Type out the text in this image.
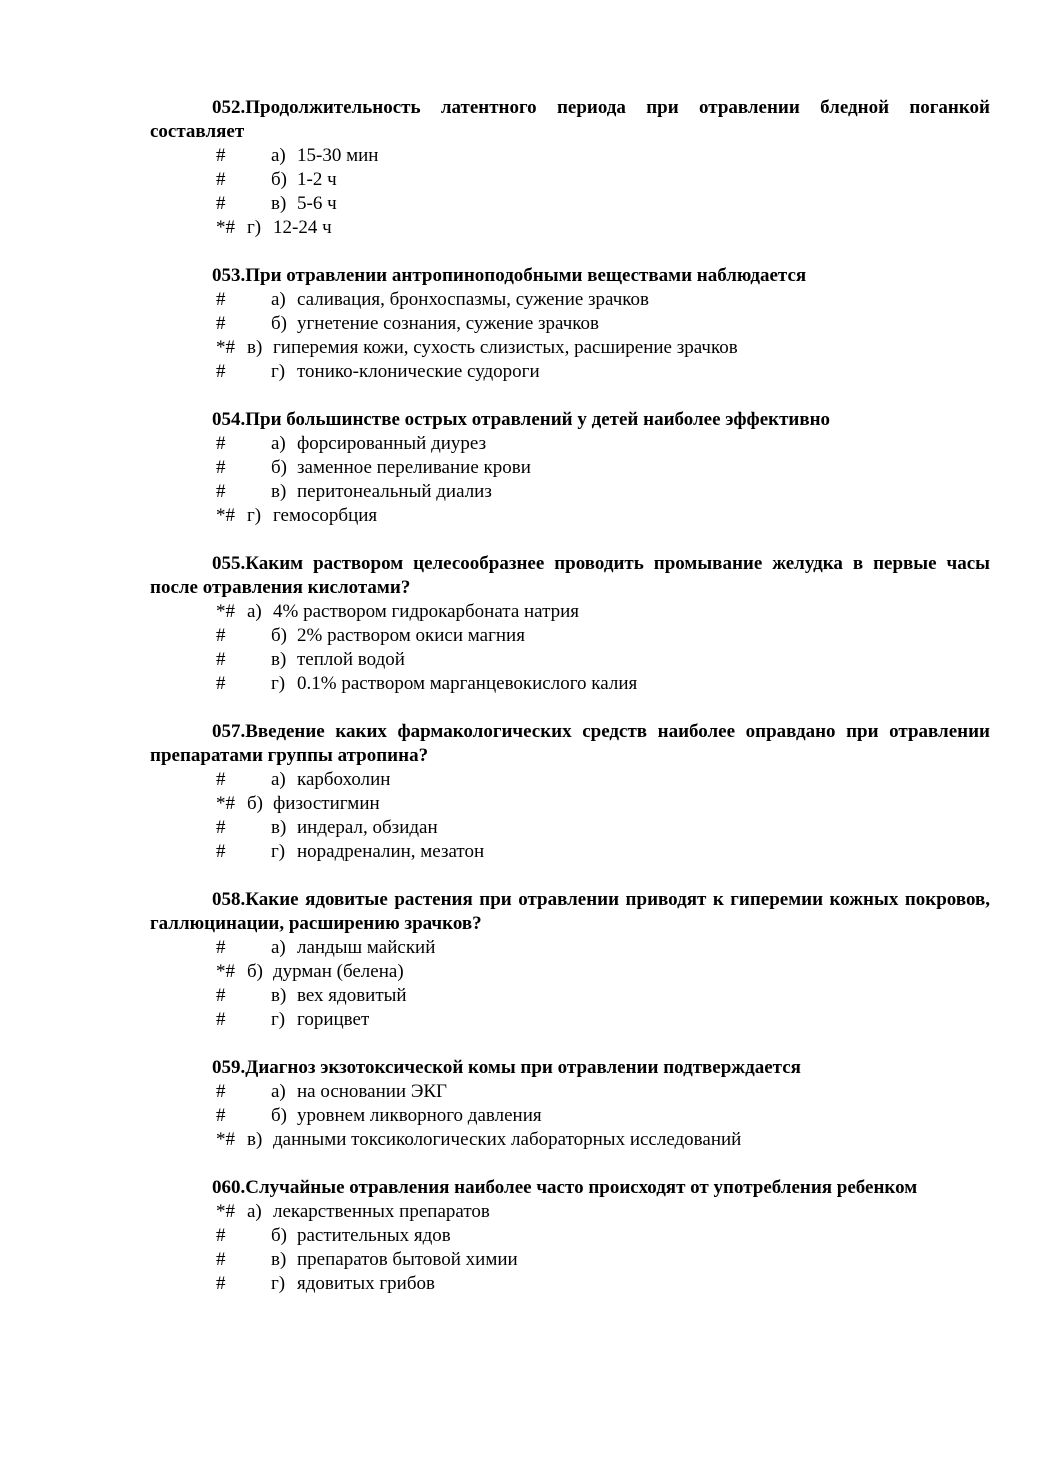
052.Продолжительность латентного периода при отравлении бледной поганкой составляет

# а) 15-30 мин
# б) 1-2 ч
# в) 5-6 ч
*# г) 12-24 ч

053.При отравлении антропиноподобными веществами наблюдается

# а) саливация, бронхоспазмы, сужение зрачков
# б) угнетение сознания, сужение зрачков
*# в) гиперемия кожи, сухость слизистых, расширение зрачков
# г) тонико-клонические судороги

054.При большинстве острых отравлений у детей наиболее эффективно

# а) форсированный диурез
# б) заменное переливание крови
# в) перитонеальный диализ
*# г) гемосорбция

055.Каким раствором целесообразнее проводить промывание желудка в первые часы после отравления кислотами?

*# а) 4% раствором гидрокарбоната натрия
# б) 2% раствором окиси магния
# в) теплой водой
# г) 0.1% раствором марганцевокислого калия

057.Введение каких фармакологических средств наиболее оправдано при отравлении препаратами группы атропина?

# а) карбохолин
*# б) физостигмин
# в) индерал, обзидан
# г) норадреналин, мезатон

058.Какие ядовитые растения при отравлении приводят к гиперемии кожных покровов, галлюцинации, расширению зрачков?

# а) ландыш майский
*# б) дурман (белена)
# в) вех ядовитый
# г) горицвет

059.Диагноз экзотоксической комы при отравлении подтверждается

# а) на основании ЭКГ
# б) уровнем ликворного давления
*# в) данными токсикологических лабораторных исследований

060.Случайные отравления наиболее часто происходят от употребления ребенком

*# а) лекарственных препаратов
# б) растительных ядов
# в) препаратов бытовой химии
# г) ядовитых грибов
